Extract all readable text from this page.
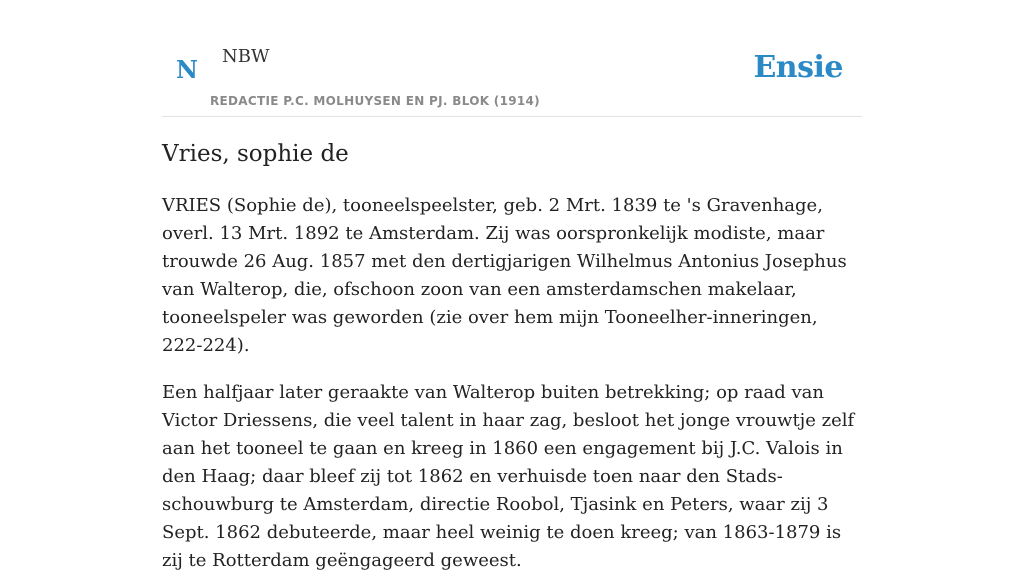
N NBW
REDACTIE P.C. MOLHUYSEN EN PJ. BLOK (1914)
Ensie
Vries, sophie de

VRIES (Sophie de), tooneelspeelster, geb. 2 Mrt. 1839 te 's Gravenhage, overl. 13 Mrt. 1892 te Amsterdam. Zij was oorspronkelijk modiste, maar trouwde 26 Aug. 1857 met den dertigjarigen Wilhelmus Antonius Josephus van Walterop, die, ofschoon zoon van een amsterdamschen makelaar, tooneelspeler was geworden (zie over hem mijn Tooneelher-inneringen, 222-224).

Een halfjaar later geraakte van Walterop buiten betrekking; op raad van Victor Driessens, die veel talent in haar zag, besloot het jonge vrouwtje zelf aan het tooneel te gaan en kreeg in 1860 een engagement bij J.C. Valois in den Haag; daar bleef zij tot 1862 en verhuisde toen naar den Stads-schouwburg te Amsterdam, directie Roobol, Tjasink en Peters, waar zij 3 Sept. 1862 debuteerde, maar heel weinig te doen kreeg; van 1863-1879 is zij te Rotterdam geëngageerd geweest.
